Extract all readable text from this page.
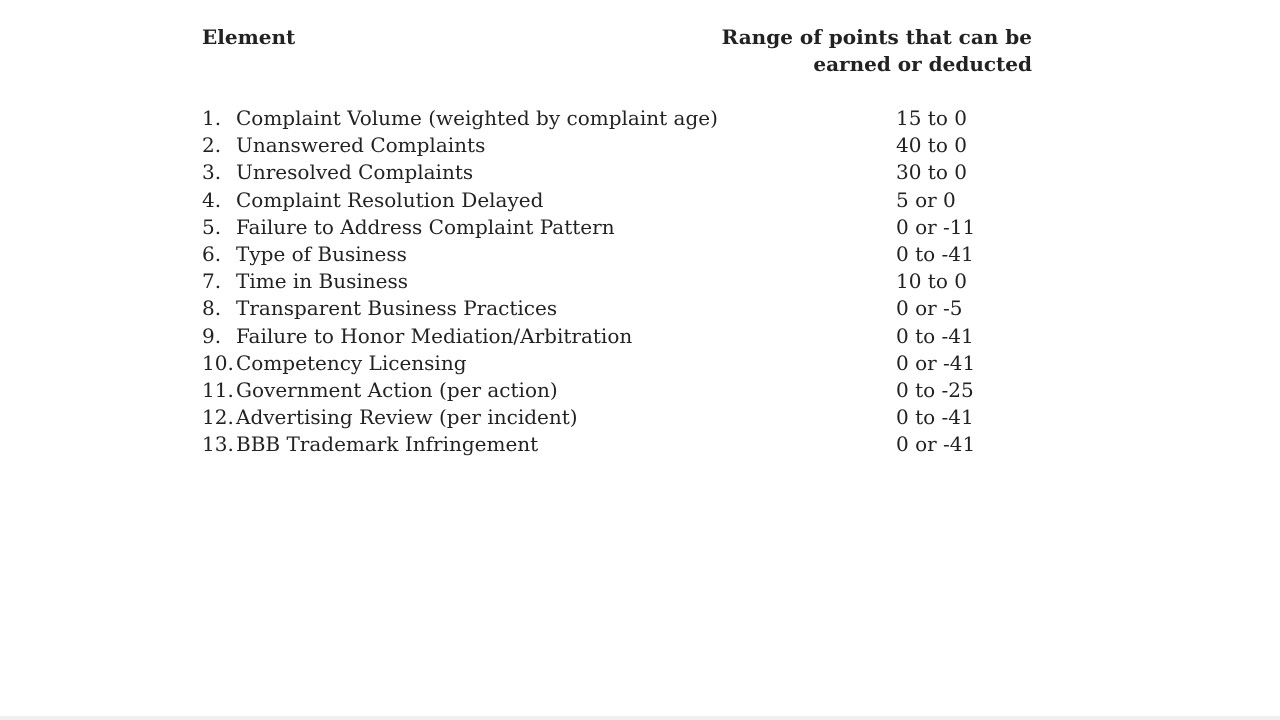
Element	Range of points that can be earned or deducted
1. Complaint Volume (weighted by complaint age)	15 to 0
2. Unanswered Complaints	40 to 0
3. Unresolved Complaints	30 to 0
4. Complaint Resolution Delayed	5 or 0
5. Failure to Address Complaint Pattern	0 or -11
6. Type of Business	0 to -41
7. Time in Business	10 to 0
8. Transparent Business Practices	0 or -5
9. Failure to Honor Mediation/Arbitration	0 to -41
10. Competency Licensing	0 or -41
11. Government Action (per action)	0 to -25
12. Advertising Review (per incident)	0 to -41
13. BBB Trademark Infringement	0 or -41
